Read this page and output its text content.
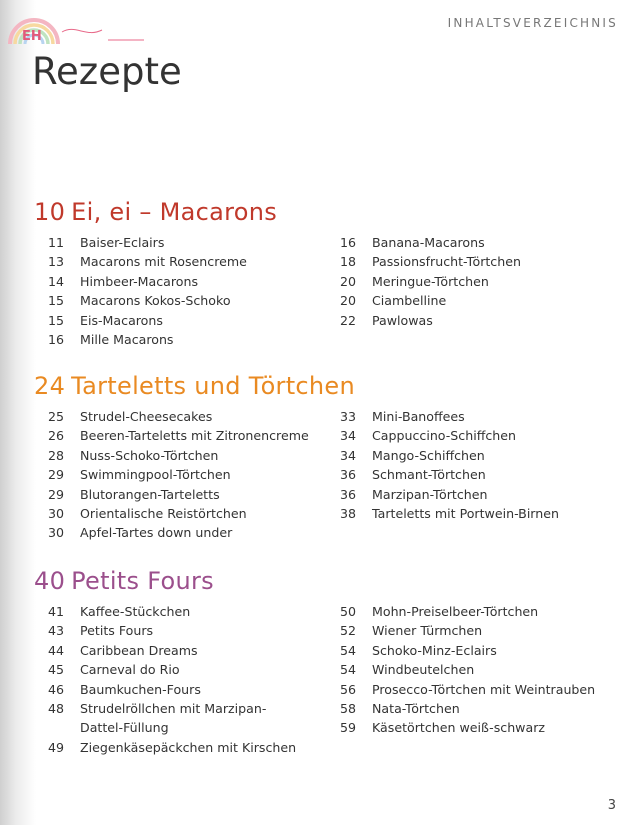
EH
INHALTSVERZEICHNIS
Rezepte
10 Ei, ei – Macarons
11 Baiser-Eclairs
13 Macarons mit Rosencreme
14 Himbeer-Macarons
15 Macarons Kokos-Schoko
15 Eis-Macarons
16 Mille Macarons
16 Banana-Macarons
18 Passionsfrucht-Törtchen
20 Meringue-Törtchen
20 Ciambelline
22 Pawlowas
24 Tarteletts und Törtchen
25 Strudel-Cheesecakes
26 Beeren-Tarteletts mit Zitronencreme
28 Nuss-Schoko-Törtchen
29 Swimmingpool-Törtchen
29 Blutorangen-Tarteletts
30 Orientalische Reistörtchen
30 Apfel-Tartes down under
33 Mini-Banoffees
34 Cappuccino-Schiffchen
34 Mango-Schiffchen
36 Schmant-Törtchen
36 Marzipan-Törtchen
38 Tarteletts mit Portwein-Birnen
40 Petits Fours
41 Kaffee-Stückchen
43 Petits Fours
44 Caribbean Dreams
45 Carneval do Rio
46 Baumkuchen-Fours
48 Strudelröllchen mit Marzipan-
Dattel-Füllung
49 Ziegenkäsepäckchen mit Kirschen
50 Mohn-Preiselbeer-Törtchen
52 Wiener Türmchen
54 Schoko-Minz-Eclairs
54 Windbeutelchen
56 Prosecco-Törtchen mit Weintrauben
58 Nata-Törtchen
59 Käsetörtchen weiß-schwarz
3
